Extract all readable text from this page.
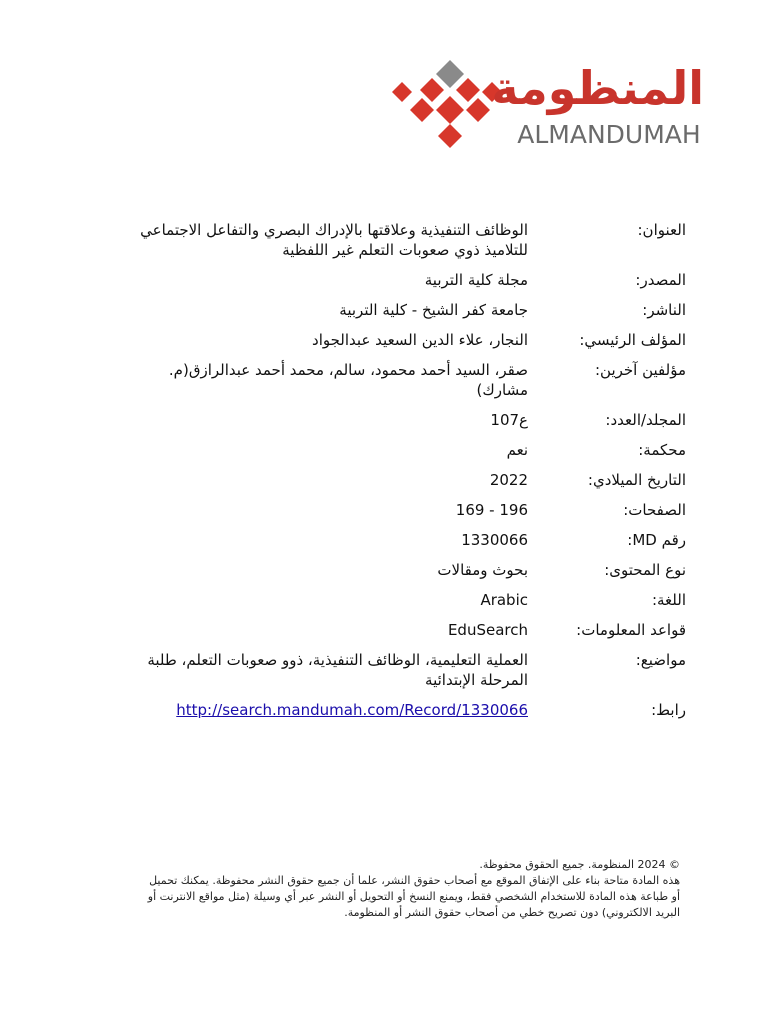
المنظومة
ALMANDUMAH
العنوان:
الوظائف التنفيذية وعلاقتها بالإدراك البصري والتفاعل الاجتماعي
للتلاميذ ذوي صعوبات التعلم غير اللفظية
المصدر:
مجلة كلية التربية
الناشر:
جامعة كفر الشيخ - كلية التربية
المؤلف الرئيسي:
النجار، علاء الدين السعيد عبدالجواد
مؤلفين آخرين:
صقر، السيد أحمد محمود، سالم، محمد أحمد عبدالرازق(م.
مشارك)
المجلد/العدد:
ع107
محكمة:
نعم
التاريخ الميلادي:
2022
الصفحات:
169 - 196
رقم MD:
1330066
نوع المحتوى:
بحوث ومقالات
اللغة:
Arabic
قواعد المعلومات:
EduSearch
مواضيع:
العملية التعليمية، الوظائف التنفيذية، ذوو صعوبات التعلم، طلبة
المرحلة الإبتدائية
رابط:
http://search.mandumah.com/Record/1330066
© 2024 المنظومة. جميع الحقوق محفوظة.
هذه المادة متاحة بناء على الإتفاق الموقع مع أصحاب حقوق النشر، علما أن جميع حقوق النشر محفوظة. يمكنك تحميل
أو طباعة هذه المادة للاستخدام الشخصي فقط، ويمنع النسخ أو التحويل أو النشر عبر أي وسيلة (مثل مواقع الانترنت أو
البريد الالكتروني) دون تصريح خطي من أصحاب حقوق النشر أو المنظومة.
